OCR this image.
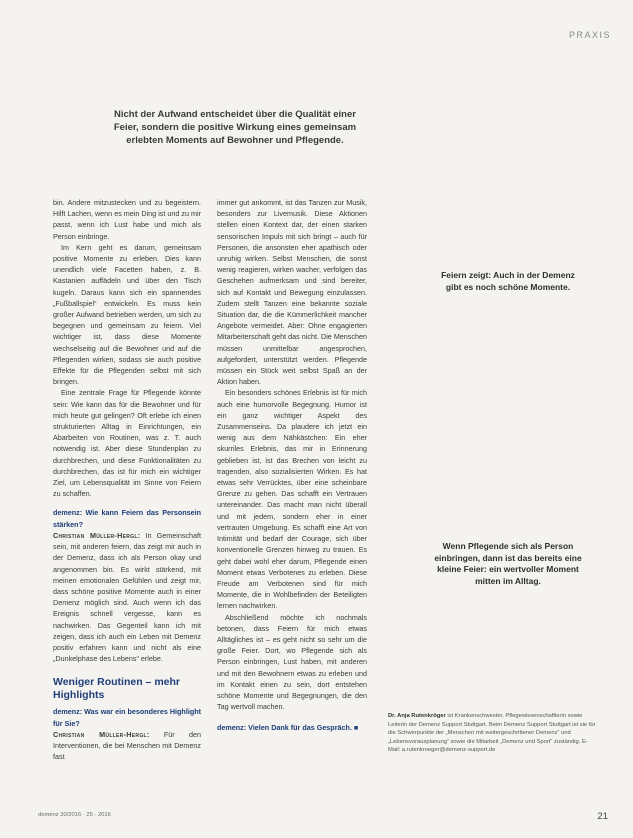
PRAXIS
Nicht der Aufwand entscheidet über die Qualität einer Feier, sondern die positive Wirkung eines gemeinsam erlebten Moments auf Bewohner und Pflegende.

bin. Andere mitzustecken und zu begeistern. Hilft Lachen, wenn es mein Ding ist und zu mir passt, wenn ich Lust habe und mich als Person einbringe.

Im Kern geht es darum, gemeinsam positive Momente zu erleben. Dies kann unendlich viele Facetten haben, z. B. Kastanien auffädeln und über den Tisch kugeln. Daraus kann sich ein spannendes „Fußballspiel“ entwickeln. Es muss kein großer Aufwand betrieben werden, um sich zu begegnen und gemeinsam zu feiern. Viel wichtiger ist, dass diese Momente wechselseitig auf die Bewohner und auf die Pflegenden wirken, sodass sie auch positive Effekte für die Pflegenden selbst mit sich bringen.

Eine zentrale Frage für Pflegende könnte sein: Wie kann das für die Bewohner und für mich heute gut gelingen? Oft erlebe ich einen strukturierten Alltag in Einrichtungen, ein Abarbeiten von Routinen, was z. T. auch notwendig ist. Aber diese Stundenplan zu durchbrechen, und diese Funktionalitäten zu durchbrechen, das ist für mich ein wichtiger Ziel, um Lebensqualität im Sinne von Feiern zu schaffen.

demenz: Wie kann Feiern das Personsein stärken?

Christian Müller-Hergl: In Gemeinschaft sein, mit anderen feiern, das zeigt mir auch in der Demenz, dass ich als Person okay und angenommen bin. Es wirkt stärkend, mit meinen emotionalen Gefühlen und zeigt mir, dass schöne positive Momente auch in einer Demenz möglich sind. Auch wenn ich das Ereignis schnell vergesse, kann es nachwirken. Das Gegenteil kann ich mit zeigen, dass ich auch ein Leben mit Demenz positiv erfahren kann und nicht als eine „Dunkelphase des Lebens“ erlebe.

Weniger Routinen – mehr Highlights

demenz: Was war ein besonderes Highlight für Sie?

Christian Müller-Hergl: Für den Interventionen, die bei Menschen mit Demenz fast

immer gut ankommt, ist das Tanzen zur Musik, besonders zur Livemusik. Diese Aktionen stellen einen Kontext dar, der einen starken sensorischen Impuls mit sich bringt – auch für Personen, die ansonsten eher apathisch oder unruhig wirken. Selbst Menschen, die sonst wenig reagieren, wirken wacher, verfolgen das Geschehen aufmerksam und sind bereiter, sich auf Kontakt und Bewegung einzulassen. Zudem stellt Tanzen eine bekannte soziale Situation dar, die die Kümmerlichkeit mancher Angebote vermeidet. Aber: Ohne engagierten Mitarbeiterschaft geht das nicht. Die Menschen müssen unmittelbar angesprochen, aufgefordert, unterstützt werden. Pflegende müssen ein Stück weit selbst Spaß an der Aktion haben.

Ein besonders schönes Erlebnis ist für mich auch eine humorvolle Begegnung. Humor ist ein ganz wichtiger Aspekt des Zusammenseins. Da plaudere ich jetzt ein wenig aus dem Nähkästchen: Ein eher skurriles Erlebnis, das mir in Erinnerung geblieben ist, ist das Brechen von leicht zu tragenden, also sozialisierten Wirken. Es hat etwas sehr Verrücktes, über eine scheinbare Grenze zu gehen. Das schafft ein Vertrauen untereinander. Das macht man nicht überall und mit jedem, sondern eher in einer vertrauten Umgebung. Es schafft eine Art von Intimität und bedarf der Courage, sich über konventionelle Grenzen hinweg zu trauen. Es geht dabei wohl eher darum, Pflegende einen Moment etwas Verbotenes zu erleben. Diese Freude am Verbotenen sind für mich Momente, die in Wohlbefinden der Beteiligten lernen nachwirken.

Abschließend möchte ich nochmals betonen, dass Feiern für mich etwas Alltägliches ist – es geht nicht so sehr um die große Feier. Dort, wo Pflegende sich als Person einbringen, Lust haben, mit anderen und mit den Bewohnern etwas zu erleben und im Kontakt einen zu sein, dort entstehen schöne Momente und Begegnungen, die den Tag wertvoll machen.

demenz: Vielen Dank für das Gespräch. ■

Feiern zeigt: Auch in der Demenz gibt es noch schöne Momente.
Wenn Pflegende sich als Person einbringen, dann ist das bereits eine kleine Feier: ein wertvoller Moment mitten im Alltag.
Dr. Anja Rutenkröger ist Krankenschwester, Pflegewissenschaftlerin sowie Leiterin der Demenz Support Stuttgart. Beim Demenz Support Stuttgart ist sie für die Schwerpunkte der „Menschen mit weitergeschrittener Demenz“ und „Lebensvorausplanung“ sowie die Mitarbeit „Demenz und Sport“ zuständig. E-Mail: a.rutenkroeger@demenz-support.de
demenz 30/2016 · 25 · 2016	21
